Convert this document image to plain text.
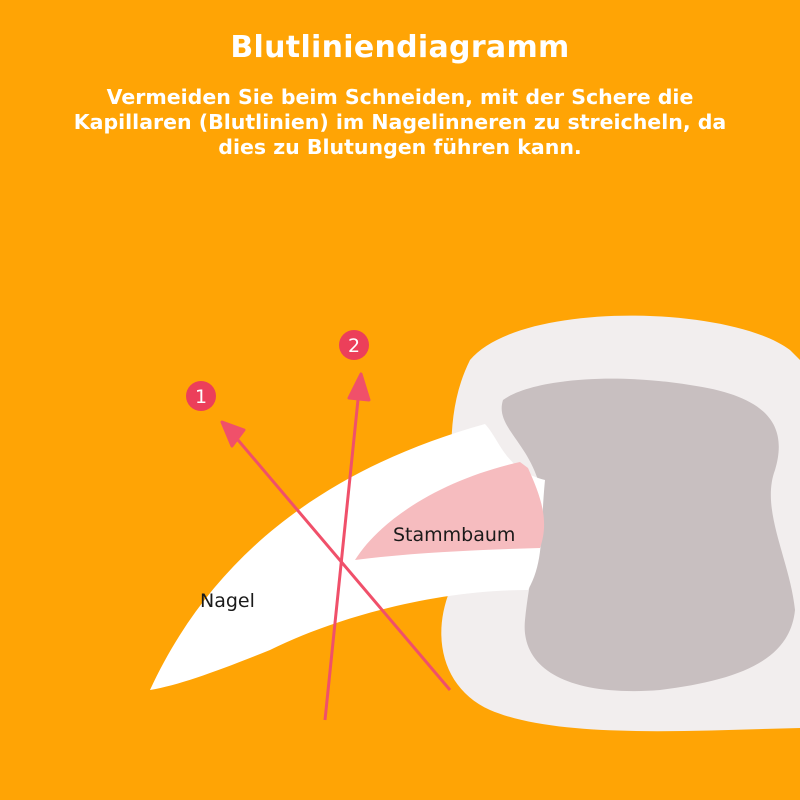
Blutliniendiagramm
Vermeiden Sie beim Schneiden, mit der Schere die Kapillaren (Blutlinien) im Nagelinneren zu streicheln, da dies zu Blutungen führen kann.
1
2
Stammbaum
Nagel
